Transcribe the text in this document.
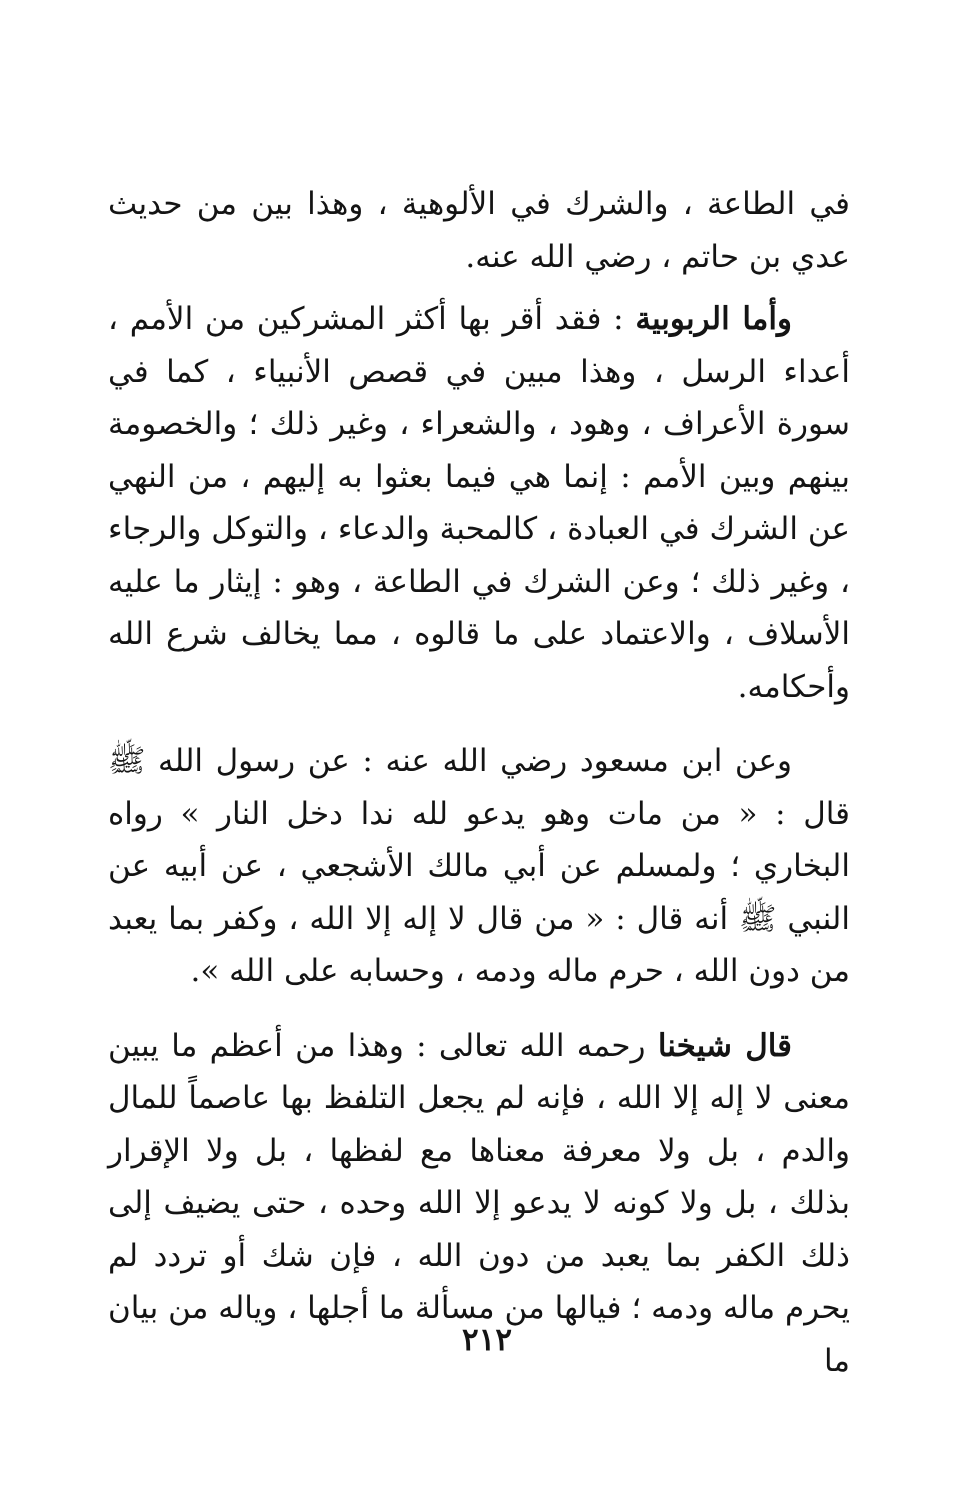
في الطاعة ، والشرك في الألوهية ، وهذا بين من حديث عدي بن حاتم ، رضي الله عنه.

وأما الربوبية : فقد أقر بها أكثر المشركين من الأمم ، أعداء الرسل ، وهذا مبين في قصص الأنبياء ، كما في سورة الأعراف ، وهود ، والشعراء ، وغير ذلك ؛ والخصومة بينهم وبين الأمم : إنما هي فيما بعثوا به إليهم ، من النهي عن الشرك في العبادة ، كالمحبة والدعاء ، والتوكل والرجاء ، وغير ذلك ؛ وعن الشرك في الطاعة ، وهو : إيثار ما عليه الأسلاف ، والاعتماد على ما قالوه ، مما يخالف شرع الله وأحكامه.

وعن ابن مسعود رضي الله عنه : عن رسول الله ﷺ قال : « من مات وهو يدعو لله ندا دخل النار » رواه البخاري ؛ ولمسلم عن أبي مالك الأشجعي ، عن أبيه عن النبي ﷺ أنه قال : « من قال لا إله إلا الله ، وكفر بما يعبد من دون الله ، حرم ماله ودمه ، وحسابه على الله ».

قال شيخنا رحمه الله تعالى : وهذا من أعظم ما يبين معنى لا إله إلا الله ، فإنه لم يجعل التلفظ بها عاصماً للمال والدم ، بل ولا معرفة معناها مع لفظها ، بل ولا الإقرار بذلك ، بل ولا كونه لا يدعو إلا الله وحده ، حتى يضيف إلى ذلك الكفر بما يعبد من دون الله ، فإن شك أو تردد لم يحرم ماله ودمه ؛ فيالها من مسألة ما أجلها ، وياله من بيان ما

٢١٢
